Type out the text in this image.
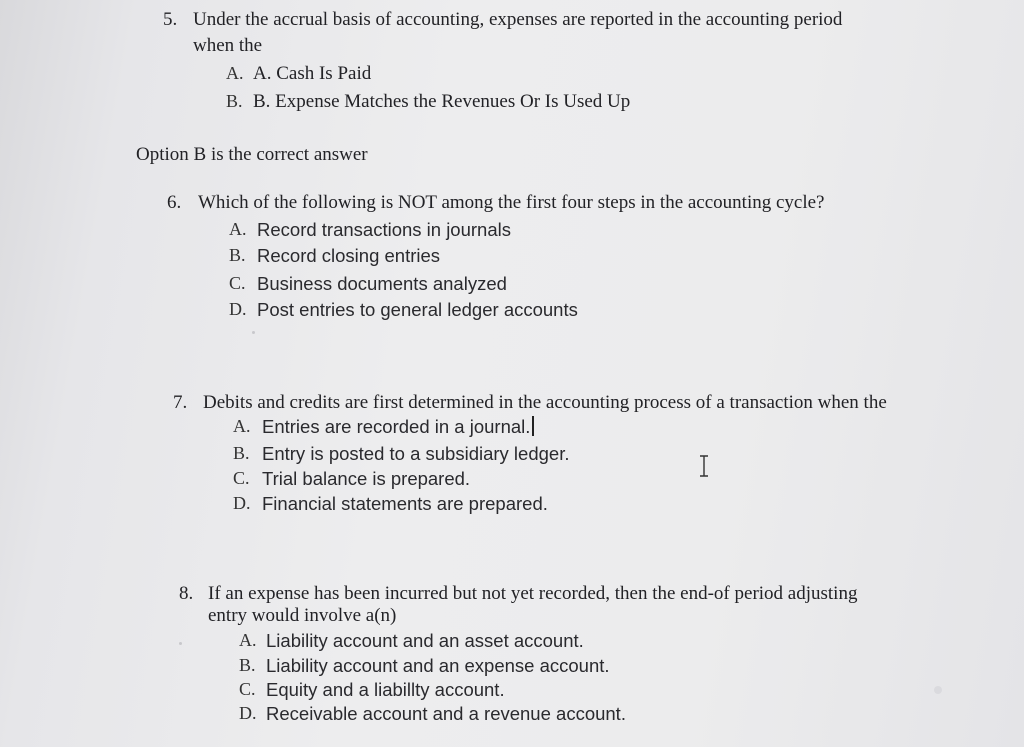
5. Under the accrual basis of accounting, expenses are reported in the accounting period
when the
A. A. Cash Is Paid
B. B. Expense Matches the Revenues Or Is Used Up
Option B is the correct answer
6. Which of the following is NOT among the first four steps in the accounting cycle?
A. Record transactions in journals
B. Record closing entries
C. Business documents analyzed
D. Post entries to general ledger accounts
7. Debits and credits are first determined in the accounting process of a transaction when the
A. Entries are recorded in a journal.
B. Entry is posted to a subsidiary ledger.
C. Trial balance is prepared.
D. Financial statements are prepared.
8. If an expense has been incurred but not yet recorded, then the end-of period adjusting
entry would involve a(n)
A. Liability account and an asset account.
B. Liability account and an expense account.
C. Equity and a liabillty account.
D. Receivable account and a revenue account.
